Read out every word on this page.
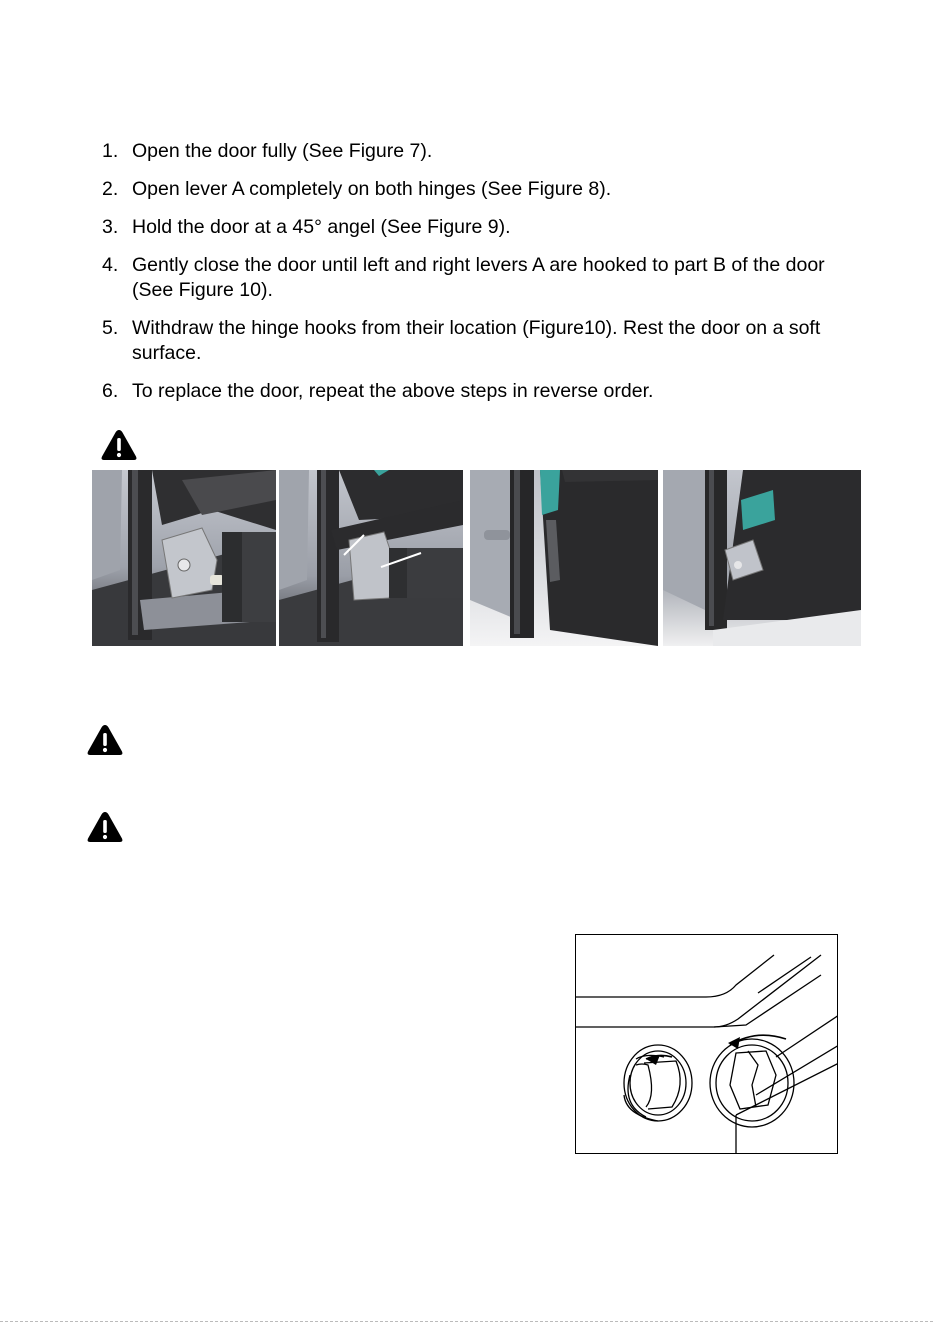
1. Open the door fully (See Figure 7).
2. Open lever A completely on both hinges (See Figure 8).
3. Hold the door at a 45° angel (See Figure 9).
4. Gently close the door until left and right levers A are hooked to part B of the door (See Figure 10).
5. Withdraw the hinge hooks from their location (Figure10). Rest the door on a soft surface.
6. To replace the door, repeat the above steps in reverse order.
